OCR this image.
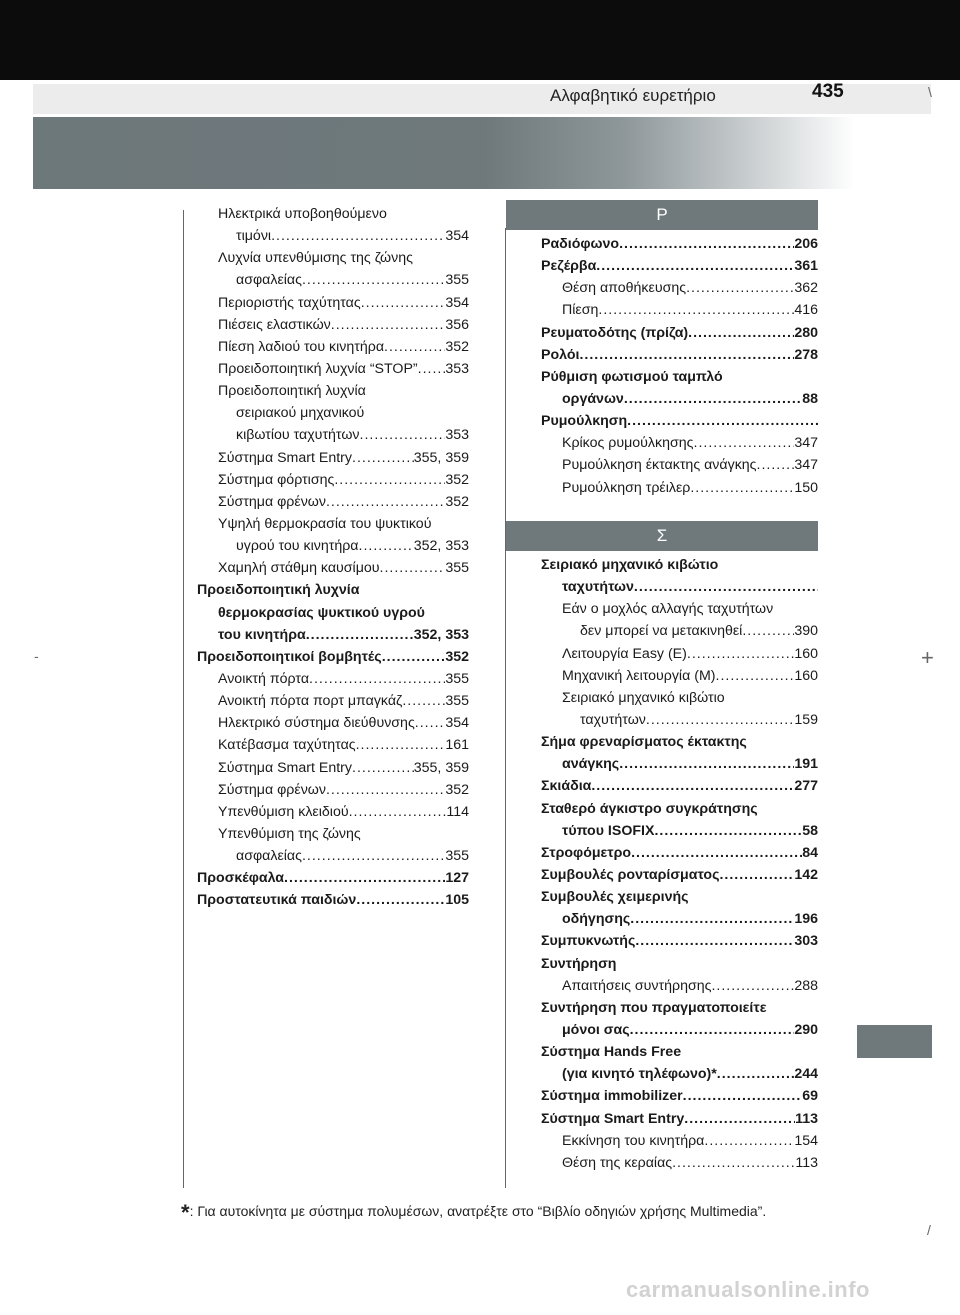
Αλφαβητικό ευρετήριο	435
Ηλεκτρικά υποβοηθούμενο
τιμόνι .....	354
Λυχνία υπενθύμισης της ζώνης
ασφαλείας .....	355
Περιοριστής ταχύτητας .....	354
Πιέσεις ελαστικών .....	356
Πίεση λαδιού του κινητήρα .....	352
Προειδοποιητική λυχνία “STOP” ..... 353
Προειδοποιητική λυχνία
σειριακού μηχανικού
κιβωτίου ταχυτήτων .....	353
Σύστημα Smart Entry .....	355, 359
Σύστημα φόρτισης .....	352
Σύστημα φρένων .....	352
Υψηλή θερμοκρασία του ψυκτικού
υγρού του κινητήρα .....	352, 353
Χαμηλή στάθμη καυσίμου .....	355
Προειδοποιητική λυχνία
θερμοκρασίας ψυκτικού υγρού
του κινητήρα .....	352, 353
Προειδοποιητικοί βομβητές .....	352
Ανοικτή πόρτα .....	355
Ανοικτή πόρτα πορτ μπαγκάζ .....	355
Ηλεκτρικό σύστημα διεύθυνσης ..... 354
Κατέβασμα ταχύτητας .....	161
Σύστημα Smart Entry .....	355, 359
Σύστημα φρένων .....	352
Υπενθύμιση κλειδιού .....	114
Υπενθύμιση της ζώνης
ασφαλείας .....	355
Προσκέφαλα .....	127
Προστατευτικά παιδιών .....	105
Ρ
Ραδιόφωνο .....	206
Ρεζέρβα .....	361
Θέση αποθήκευσης .....	362
Πίεση .....	416
Ρευματοδότης (πρίζα) .....	280
Ρολόι .....	278
Ρύθμιση φωτισμού ταμπλό
οργάνων .....	88
Ρυμούλκηση
.....
Κρίκος ρυμούλκησης .....	347
Ρυμούλκηση έκτακτης ανάγκης .....	347
Ρυμούλκηση τρέιλερ .....	150
Σ
Σειριακό μηχανικό κιβώτιο
ταχυτήτων
.....
Εάν ο μοχλός αλλαγής ταχυτήτων
δεν μπορεί να μετακινηθεί .....	390
Λειτουργία Easy (E) .....	160
Μηχανική λειτουργία (M) .....	160
Σειριακό μηχανικό κιβώτιο
ταχυτήτων .....	159
Σήμα φρεναρίσματος έκτακτης
ανάγκης .....	191
Σκιάδια .....	277
Σταθερό άγκιστρο συγκράτησης
τύπου ISOFIX .....	58
Στροφόμετρο .....	84
Συμβουλές ρονταρίσματος .....	142
Συμβουλές χειμερινής
οδήγησης .....	196
Συμπυκνωτής .....	303
Συντήρηση
Απαιτήσεις συντήρησης .....	288
Συντήρηση που πραγματοποιείτε
μόνοι σας .....	290
Σύστημα Hands Free
(για κινητό τηλέφωνο)* .....	244
Σύστημα immobilizer .....	69
Σύστημα Smart Entry .....	113
Εκκίνηση του κινητήρα .....	154
Θέση της κεραίας .....	113
*: Για αυτοκίνητα με σύστημα πολυμέσων, ανατρέξτε στο “Βιβλίο οδηγιών χρήσης Multimedia”.
carmanualsonline.info
\
-	+
/
